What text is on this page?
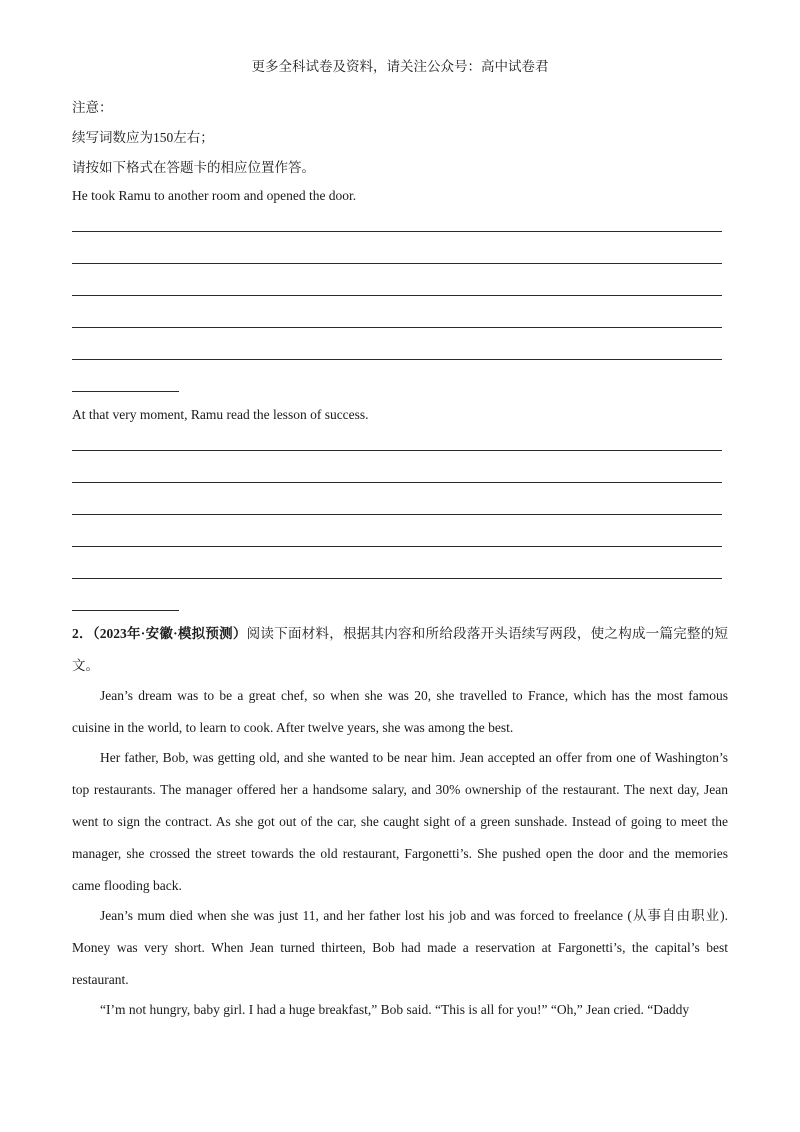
更多全科试卷及资料，请关注公众号：高中试卷君
注意：
续写词数应为150左右；
请按如下格式在答题卡的相应位置作答。
He took Ramu to another room and opened the door.
At that very moment, Ramu read the lesson of success.
2．（2023年·安徽·模拟预测）阅读下面材料，根据其内容和所给段落开头语续写两段，使之构成一篇完整的短文。
Jean’s dream was to be a great chef, so when she was 20, she travelled to France, which has the most famous cuisine in the world, to learn to cook. After twelve years, she was among the best.
Her father, Bob, was getting old, and she wanted to be near him. Jean accepted an offer from one of Washington’s top restaurants. The manager offered her a handsome salary, and 30% ownership of the restaurant. The next day, Jean went to sign the contract. As she got out of the car, she caught sight of a green sunshade. Instead of going to meet the manager, she crossed the street towards the old restaurant, Fargonetti’s. She pushed open the door and the memories came flooding back.
Jean’s mum died when she was just 11, and her father lost his job and was forced to freelance (从事自由职业). Money was very short. When Jean turned thirteen, Bob had made a reservation at Fargonetti’s, the capital’s best restaurant.
“I’m not hungry, baby girl. I had a huge breakfast,” Bob said. “This is all for you!” “Oh,” Jean cried. “Daddy
